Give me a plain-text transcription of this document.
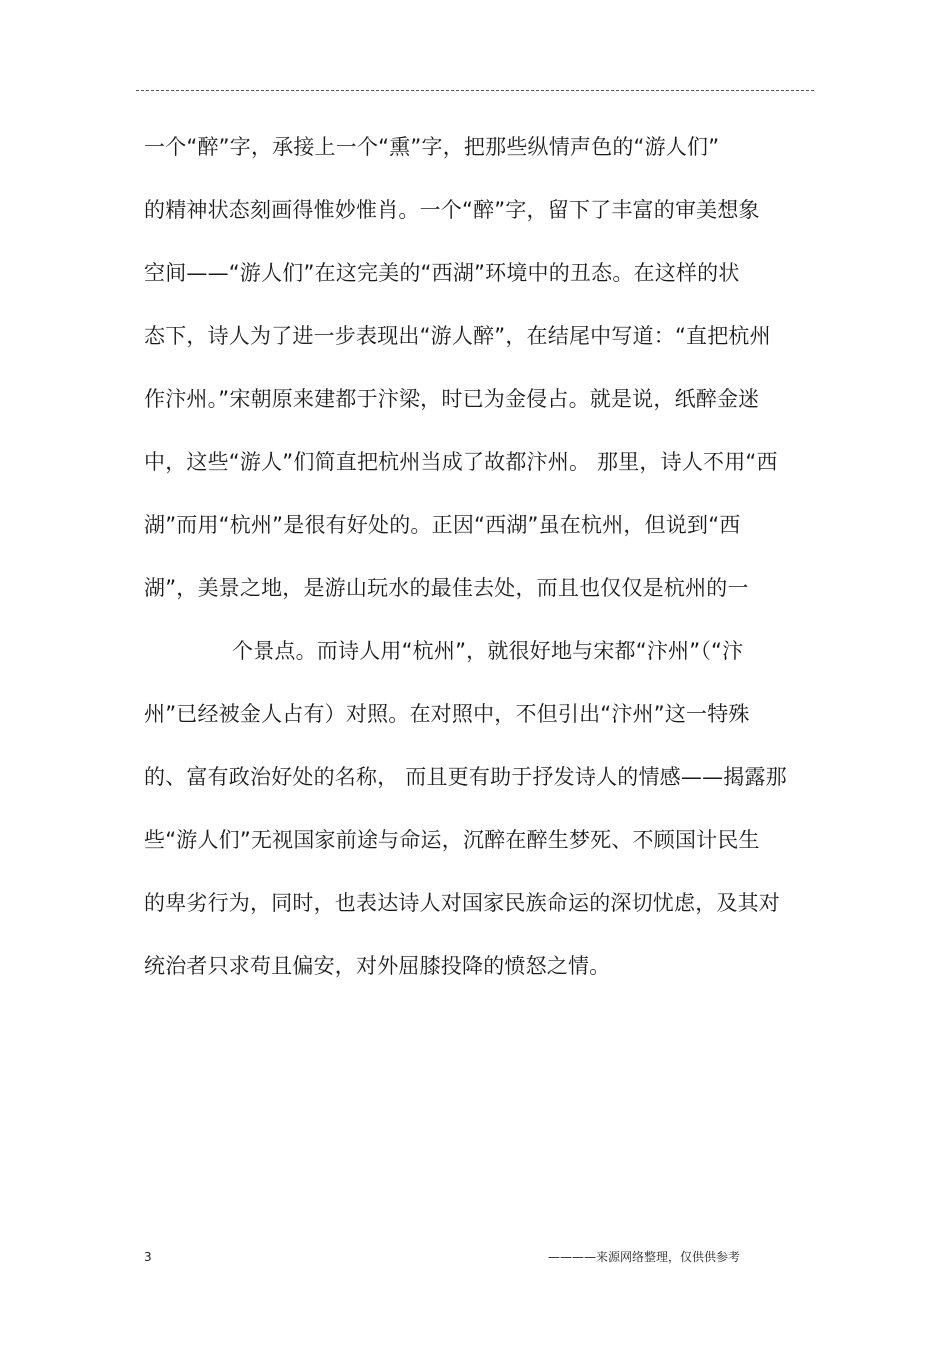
一个“醉”字，承接上一个“熏”字，把那些纵情声色的“游人们”
的精神状态刻画得惟妙惟肖。一个“醉”字，留下了丰富的审美想象
空间——“游人们”在这完美的“西湖”环境中的丑态。在这样的状
态下，诗人为了进一步表现出“游人醉”，在结尾中写道：“直把杭州
作汴州。”宋朝原来建都于汴梁，时已为金侵占。就是说，纸醉金迷
中，这些“游人”们简直把杭州当成了故都汴州。 那里，诗人不用“西
湖”而用“杭州”是很有好处的。正因“西湖”虽在杭州，但说到“西
湖”，美景之地，是游山玩水的最佳去处，而且也仅仅是杭州的一
个景点。而诗人用“杭州”，就很好地与宋都“汴州”（“汴
州”已经被金人占有）对照。在对照中，不但引出“汴州”这一特殊
的、富有政治好处的名称， 而且更有助于抒发诗人的情感——揭露那
些“游人们”无视国家前途与命运，沉醉在醉生梦死、不顾国计民生
的卑劣行为，同时，也表达诗人对国家民族命运的深切忧虑，及其对
统治者只求苟且偏安，对外屈膝投降的愤怒之情。
3	————来源网络整理，仅供供参考
